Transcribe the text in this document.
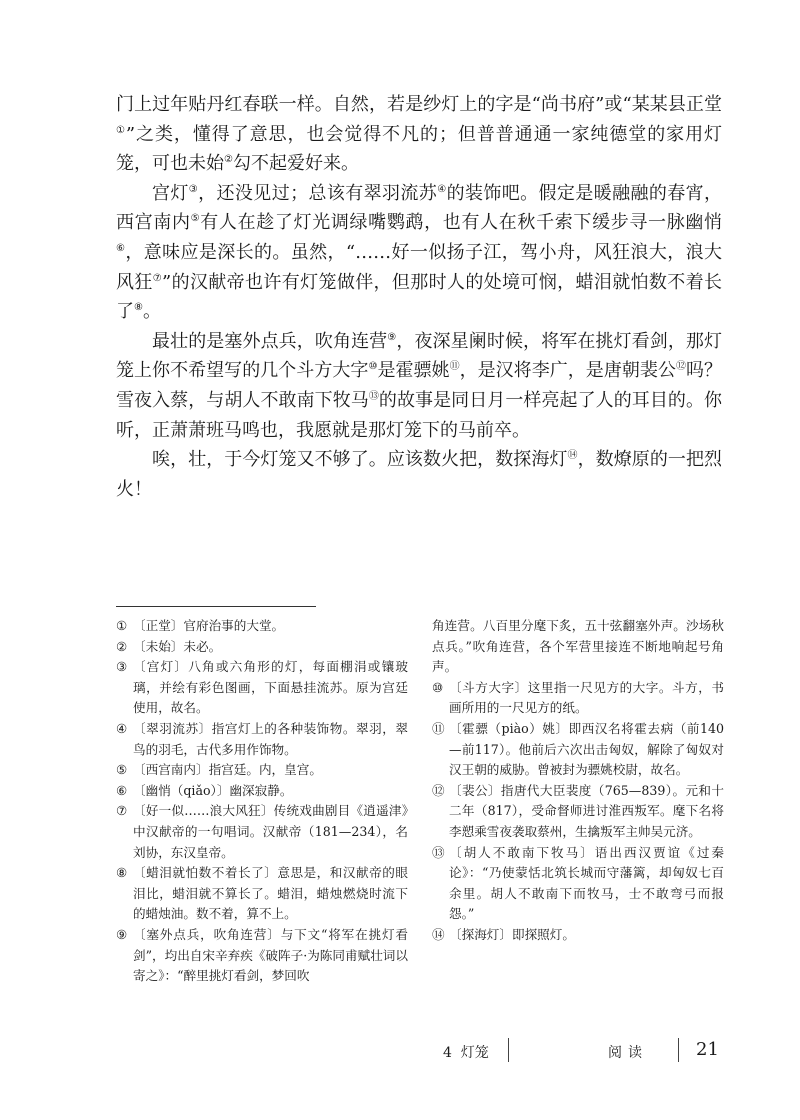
门上过年贴丹红春联一样。自然，若是纱灯上的字是“尚书府”或“某某县正堂①”之类，懂得了意思，也会觉得不凡的；但普普通通一家纯德堂的家用灯笼，可也未始②勾不起爱好来。

宫灯③，还没见过；总该有翠羽流苏④的装饰吧。假定是暖融融的春宵，西宫南内⑤有人在趁了灯光调绿嘴鹦鹉，也有人在秋千索下缓步寻一脉幽悄⑥，意味应是深长的。虽然，“……好一似扬子江，驾小舟，风狂浪大，浪大风狂⑦”的汉献帝也许有灯笼做伴，但那时人的处境可悯，蜡泪就怕数不着长了⑧。

最壮的是塞外点兵，吹角连营⑨，夜深星阑时候，将军在挑灯看剑，那灯笼上你不希望写的几个斗方大字⑩是霍骠姚⑪，是汉将李广，是唐朝裴公⑫吗？雪夜入蔡，与胡人不敢南下牧马⑬的故事是同日月一样亮起了人的耳目的。你听，正萧萧班马鸣也，我愿就是那灯笼下的马前卒。

唉，壮，于今灯笼又不够了。应该数火把，数探海灯⑭，数燎原的一把烈火！

① 〔正堂〕官府治事的大堂。
② 〔未始〕未必。
③ 〔宫灯〕八角或六角形的灯，每面棚涓或镶玻璃，并绘有彩色图画，下面悬挂流苏。原为宫廷使用，故名。
④ 〔翠羽流苏〕指宫灯上的各种装饰物。翠羽，翠鸟的羽毛，古代多用作饰物。
⑤ 〔西宫南内〕指宫廷。内，皇宫。
⑥ 〔幽悄（qiǎo）〕幽深寂静。
⑦ 〔好一似……浪大风狂〕传统戏曲剧目《逍遥津》中汉献帝的一句唱词。汉献帝（181—234），名刘协，东汉皇帝。
⑧ 〔蜡泪就怕数不着长了〕意思是，和汉献帝的眼泪比，蜡泪就不算长了。蜡泪，蜡烛燃烧时流下的蜡烛油。数不着，算不上。
⑨ 〔塞外点兵，吹角连营〕与下文“将军在挑灯看剑”，均出自宋辛弃疾《破阵子·为陈同甫赋壮词以寄之》：“醉里挑灯看剑，梦回吹
角连营。八百里分麾下炙，五十弦翻塞外声。沙场秋点兵。”吹角连营，各个军营里接连不断地响起号角声。
⑩ 〔斗方大字〕这里指一尺见方的大字。斗方，书画所用的一尺见方的纸。
⑪ 〔霍骠（piào）姚〕即西汉名将霍去病（前140—前117）。他前后六次出击匈奴，解除了匈奴对汉王朝的威胁。曾被封为骠姚校尉，故名。
⑫ 〔裴公〕指唐代大臣裴度（765—839）。元和十二年（817），受命督师进讨淮西叛军。麾下名将李愬乘雪夜袭取蔡州，生擒叛军主帅吴元济。
⑬ 〔胡人不敢南下牧马〕语出西汉贾谊《过秦论》：“乃使蒙恬北筑长城而守藩篱，却匈奴七百余里。胡人不敢南下而牧马，士不敢弯弓而报怨。”
⑭ 〔探海灯〕即探照灯。
4  灯笼	阅读	21
